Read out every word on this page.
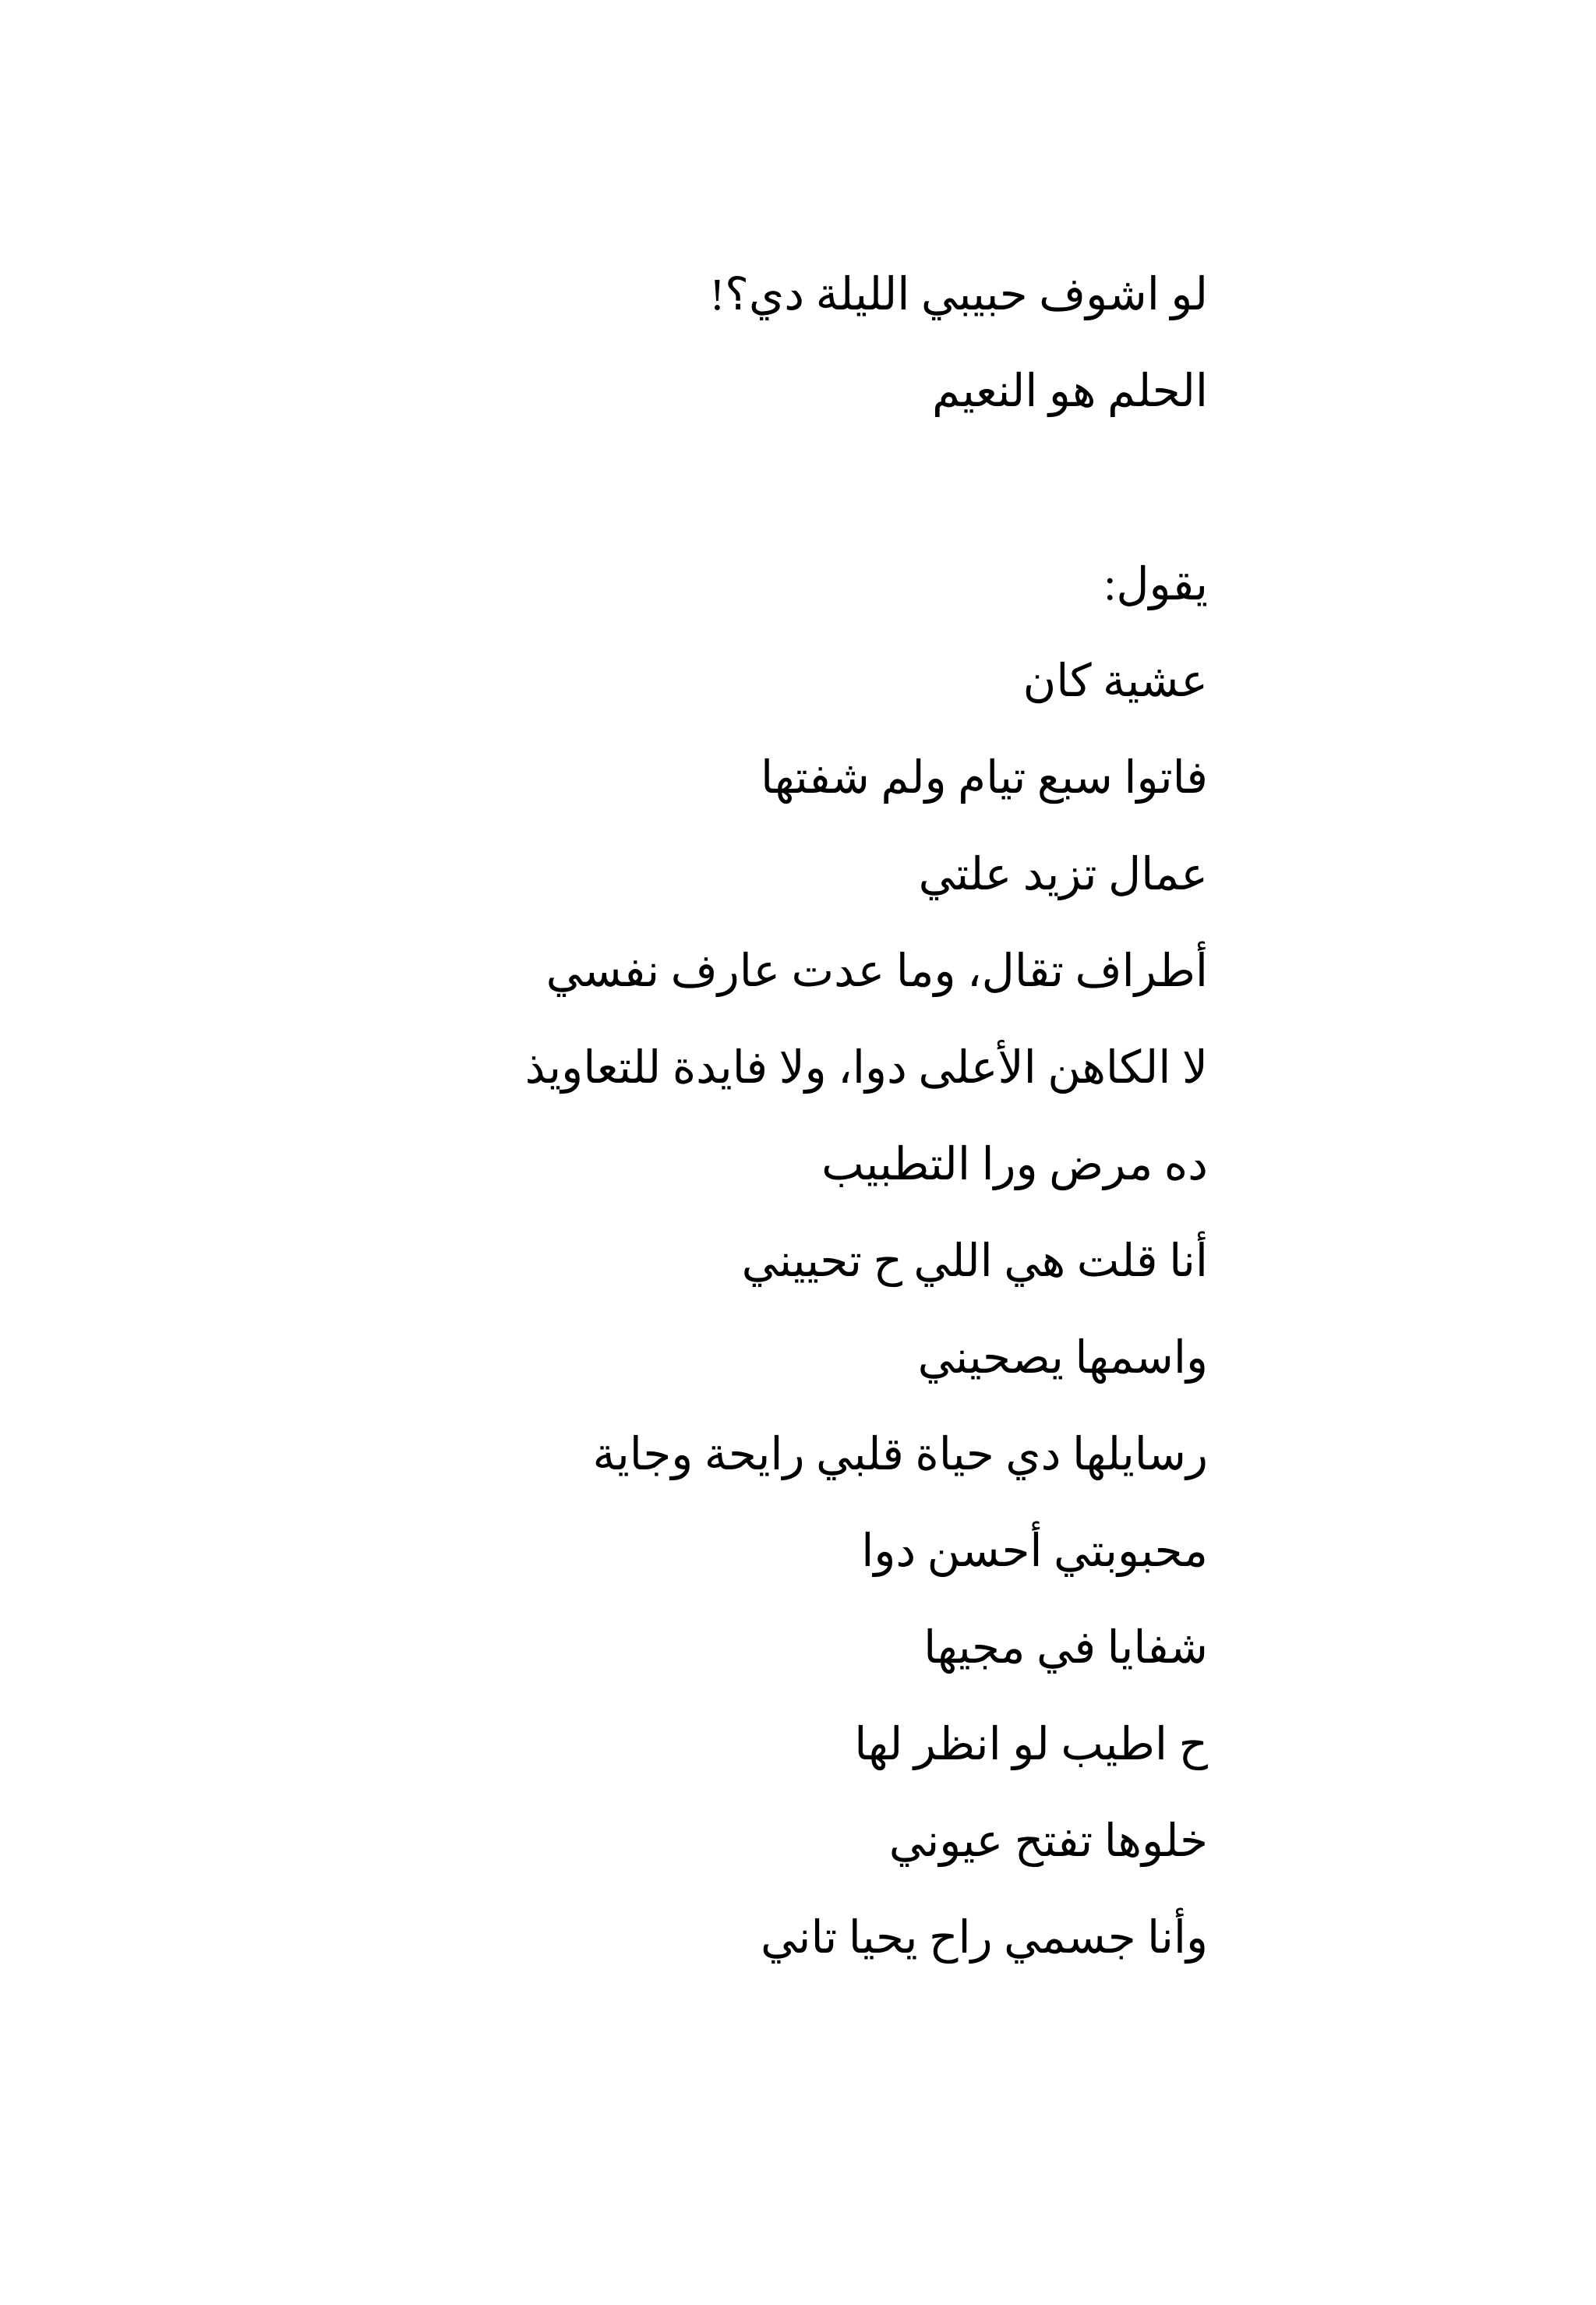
لو اشوف حبيبي الليلة دي؟!
الحلم هو النعيم
يقول:
عشية كان
فاتوا سبع تيام ولم شفتها
عمال تزيد علتي
أطراف تقال، وما عدت عارف نفسي
لا الكاهن الأعلى دوا، ولا فايدة للتعاويذ
ده مرض ورا التطبيب
أنا قلت هي اللي ح تحييني
واسمها يصحيني
رسايلها دي حياة قلبي رايحة وجاية
محبوبتي أحسن دوا
شفايا في مجيها
ح اطيب لو انظر لها
خلوها تفتح عيوني
وأنا جسمي راح يحيا تاني
